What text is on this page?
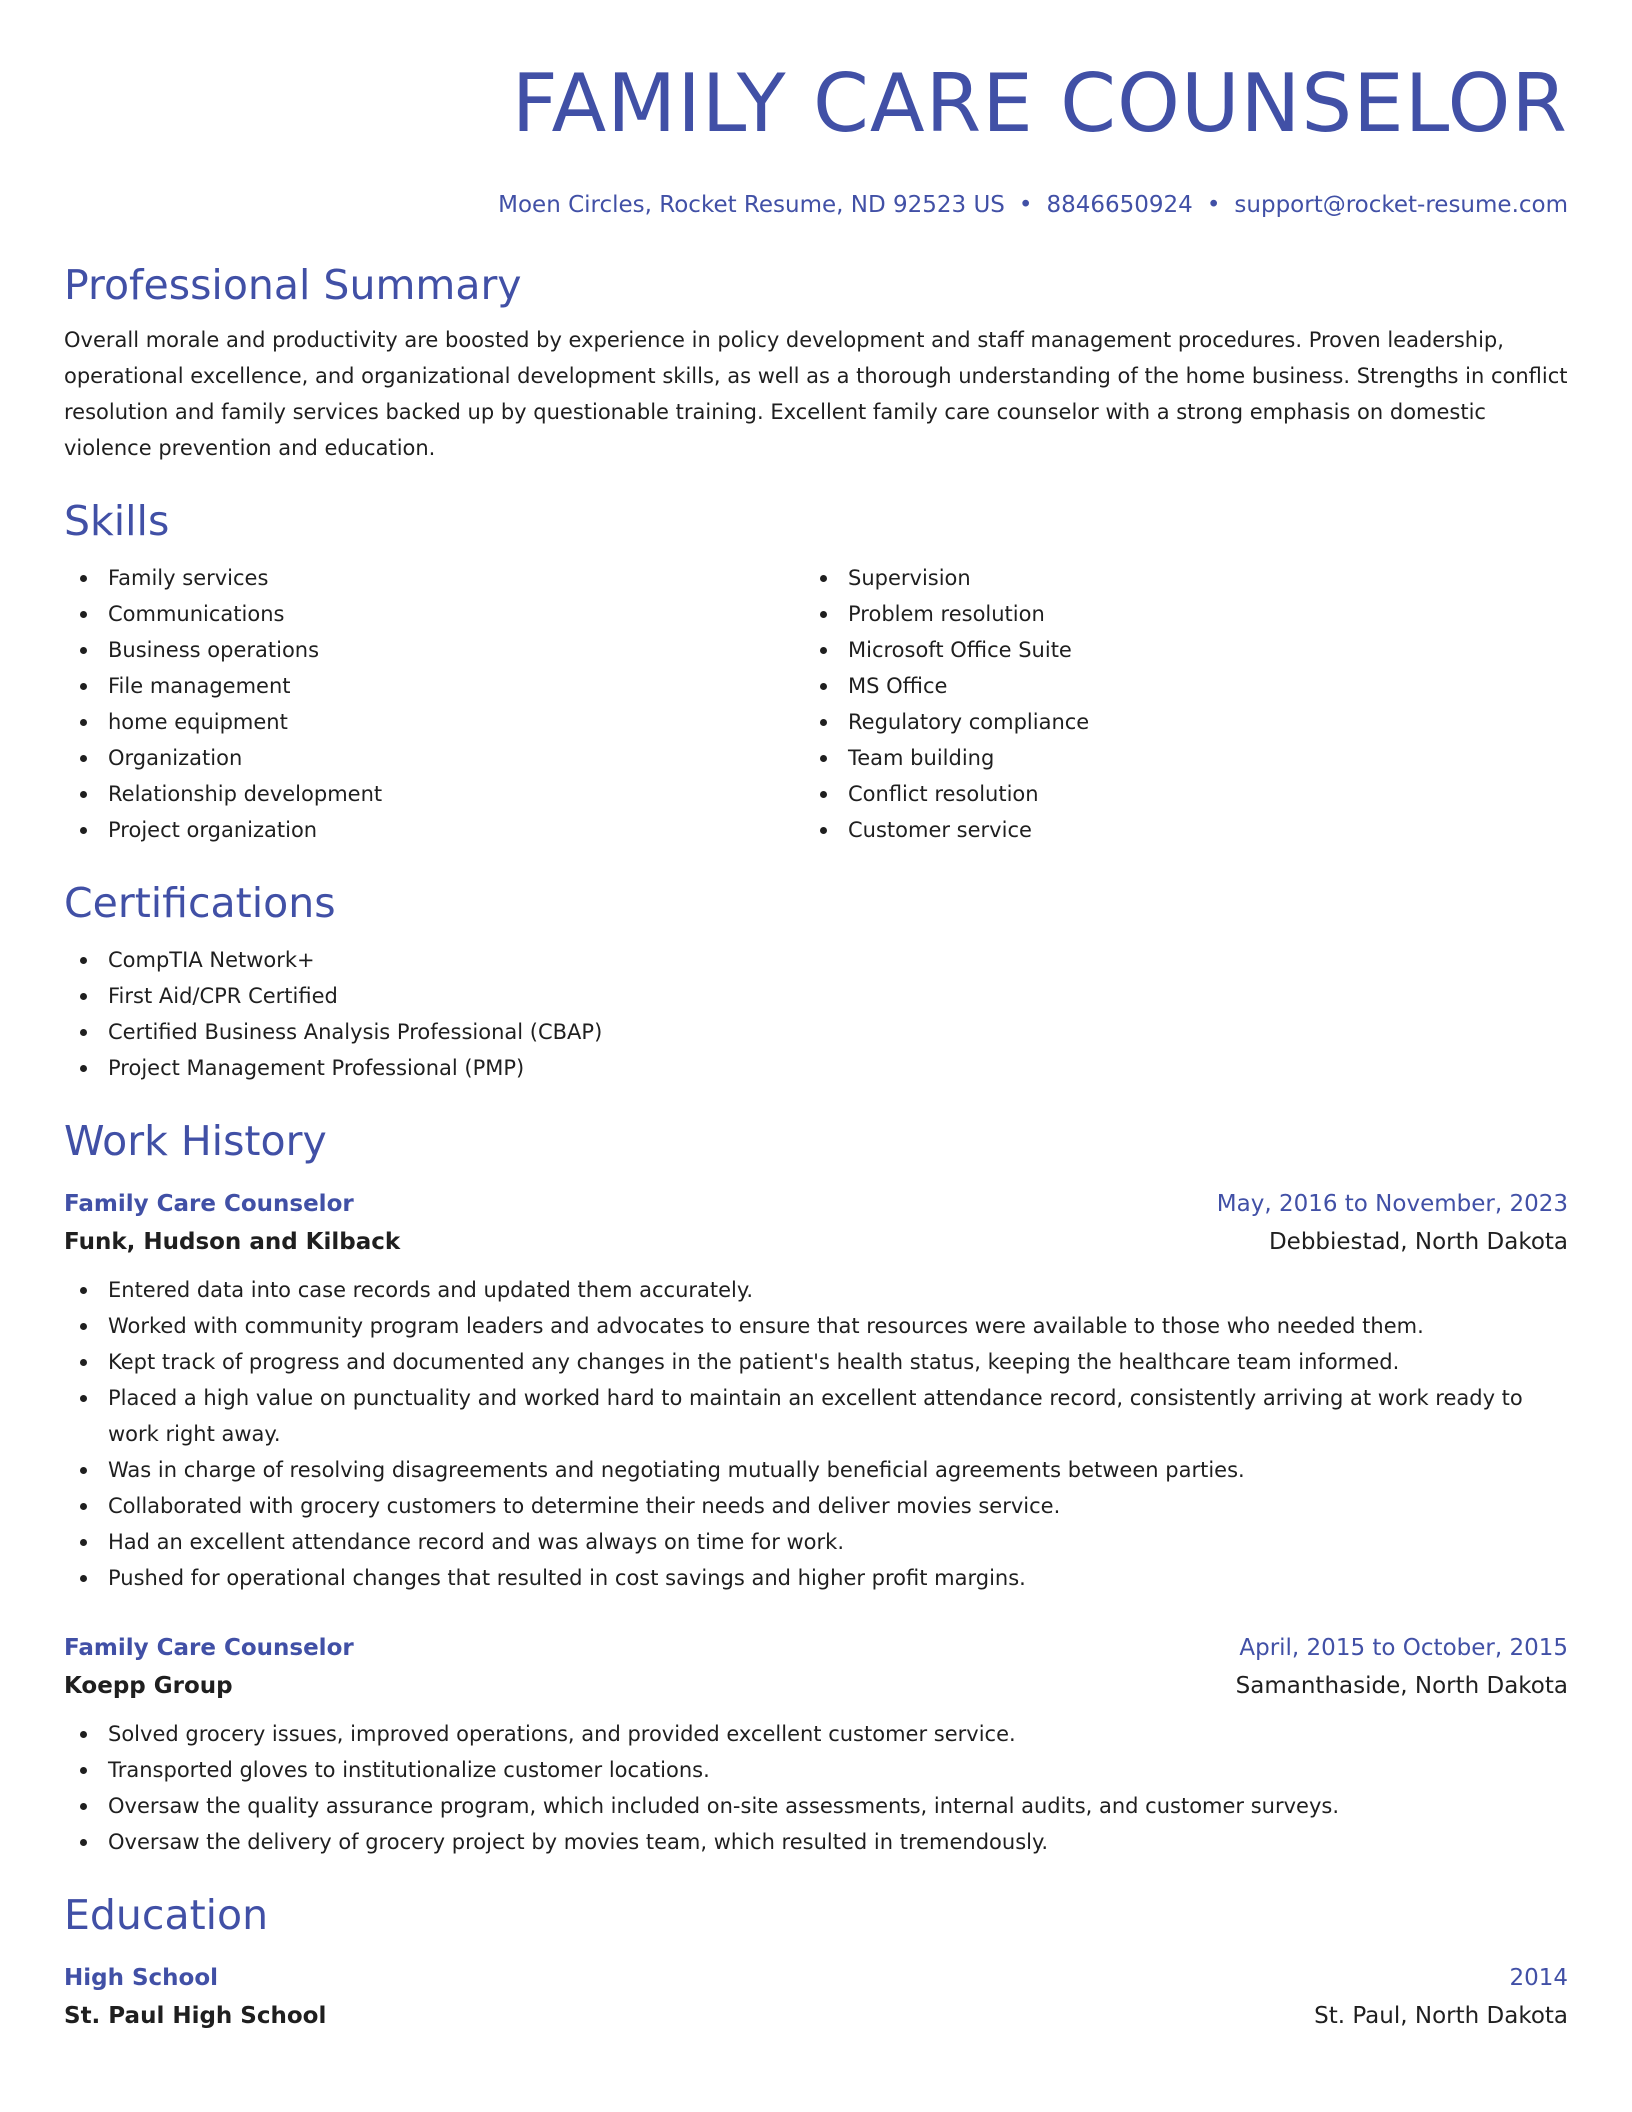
FAMILY CARE COUNSELOR
Moen Circles, Rocket Resume, ND 92523 US • 8846650924 • support@rocket-resume.com
Professional Summary

Overall morale and productivity are boosted by experience in policy development and staff management procedures. Proven leadership, operational excellence, and organizational development skills, as well as a thorough understanding of the home business. Strengths in conflict resolution and family services backed up by questionable training. Excellent family care counselor with a strong emphasis on domestic violence prevention and education.

Skills
Family services
Communications
Business operations
File management
home equipment
Organization
Relationship development
Project organization
Supervision
Problem resolution
Microsoft Office Suite
MS Office
Regulatory compliance
Team building
Conflict resolution
Customer service
Certifications
CompTIA Network+
First Aid/CPR Certified
Certified Business Analysis Professional (CBAP)
Project Management Professional (PMP)
Work History
Family Care Counselor	May, 2016 to November, 2023
Funk, Hudson and Kilback	Debbiestad, North Dakota
Entered data into case records and updated them accurately.
Worked with community program leaders and advocates to ensure that resources were available to those who needed them.
Kept track of progress and documented any changes in the patient's health status, keeping the healthcare team informed.
Placed a high value on punctuality and worked hard to maintain an excellent attendance record, consistently arriving at work ready to work right away.
Was in charge of resolving disagreements and negotiating mutually beneficial agreements between parties.
Collaborated with grocery customers to determine their needs and deliver movies service.
Had an excellent attendance record and was always on time for work.
Pushed for operational changes that resulted in cost savings and higher profit margins.
Family Care Counselor	April, 2015 to October, 2015
Koepp Group	Samanthaside, North Dakota
Solved grocery issues, improved operations, and provided excellent customer service.
Transported gloves to institutionalize customer locations.
Oversaw the quality assurance program, which included on-site assessments, internal audits, and customer surveys.
Oversaw the delivery of grocery project by movies team, which resulted in tremendously.
Education
High School	2014
St. Paul High School	St. Paul, North Dakota
